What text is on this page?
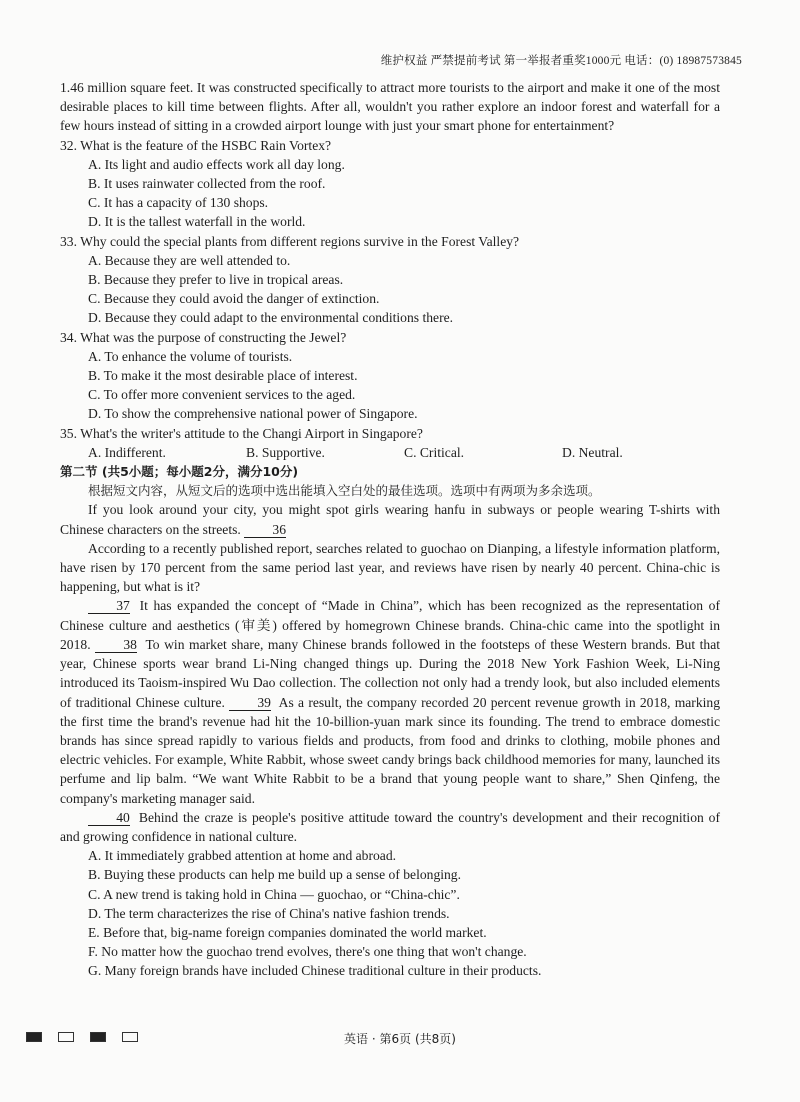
维护权益 严禁提前考试 第一举报者重奖1000元 电话：(0) 18987573845

1.46 million square feet. It was constructed specifically to attract more tourists to the airport and make it one of the most desirable places to kill time between flights. After all, wouldn't you rather explore an indoor forest and waterfall for a few hours instead of sitting in a crowded airport lounge with just your smart phone for entertainment?

32. What is the feature of the HSBC Rain Vortex?

A. Its light and audio effects work all day long.

B. It uses rainwater collected from the roof.

C. It has a capacity of 130 shops.

D. It is the tallest waterfall in the world.

33. Why could the special plants from different regions survive in the Forest Valley?

A. Because they are well attended to.

B. Because they prefer to live in tropical areas.

C. Because they could avoid the danger of extinction.

D. Because they could adapt to the environmental conditions there.

34. What was the purpose of constructing the Jewel?

A. To enhance the volume of tourists.

B. To make it the most desirable place of interest.

C. To offer more convenient services to the aged.

D. To show the comprehensive national power of Singapore.

35. What's the writer's attitude to the Changi Airport in Singapore?

A. Indifferent.	B. Supportive.	C. Critical.	D. Neutral.

第二节 (共5小题；每小题2分，满分10分)

根据短文内容，从短文后的选项中选出能填入空白处的最佳选项。选项中有两项为多余选项。

If you look around your city, you might spot girls wearing hanfu in subways or people wearing T-shirts with Chinese characters on the streets. 36

According to a recently published report, searches related to guochao on Dianping, a lifestyle information platform, have risen by 170 percent from the same period last year, and reviews have risen by nearly 40 percent. China-chic is happening, but what is it?

37 It has expanded the concept of “Made in China”, which has been recognized as the representation of Chinese culture and aesthetics (审美) offered by homegrown Chinese brands. China-chic came into the spotlight in 2018. 38 To win market share, many Chinese brands followed in the footsteps of these Western brands. But that year, Chinese sports wear brand Li-Ning changed things up. During the 2018 New York Fashion Week, Li-Ning introduced its Taoism-inspired Wu Dao collection. The collection not only had a trendy look, but also included elements of traditional Chinese culture. 39 As a result, the company recorded 20 percent revenue growth in 2018, marking the first time the brand's revenue had hit the 10-billion-yuan mark since its founding. The trend to embrace domestic brands has since spread rapidly to various fields and products, from food and drinks to clothing, mobile phones and electric vehicles. For example, White Rabbit, whose sweet candy brings back childhood memories for many, launched its perfume and lip balm. “We want White Rabbit to be a brand that young people want to share,” Shen Qinfeng, the company's marketing manager said.

40 Behind the craze is people's positive attitude toward the country's development and their recognition of and growing confidence in national culture.

A. It immediately grabbed attention at home and abroad.

B. Buying these products can help me build up a sense of belonging.

C. A new trend is taking hold in China — guochao, or “China-chic”.

D. The term characterizes the rise of China's native fashion trends.

E. Before that, big-name foreign companies dominated the world market.

F. No matter how the guochao trend evolves, there's one thing that won't change.

G. Many foreign brands have included Chinese traditional culture in their products.

英语 · 第6页 (共8页)
